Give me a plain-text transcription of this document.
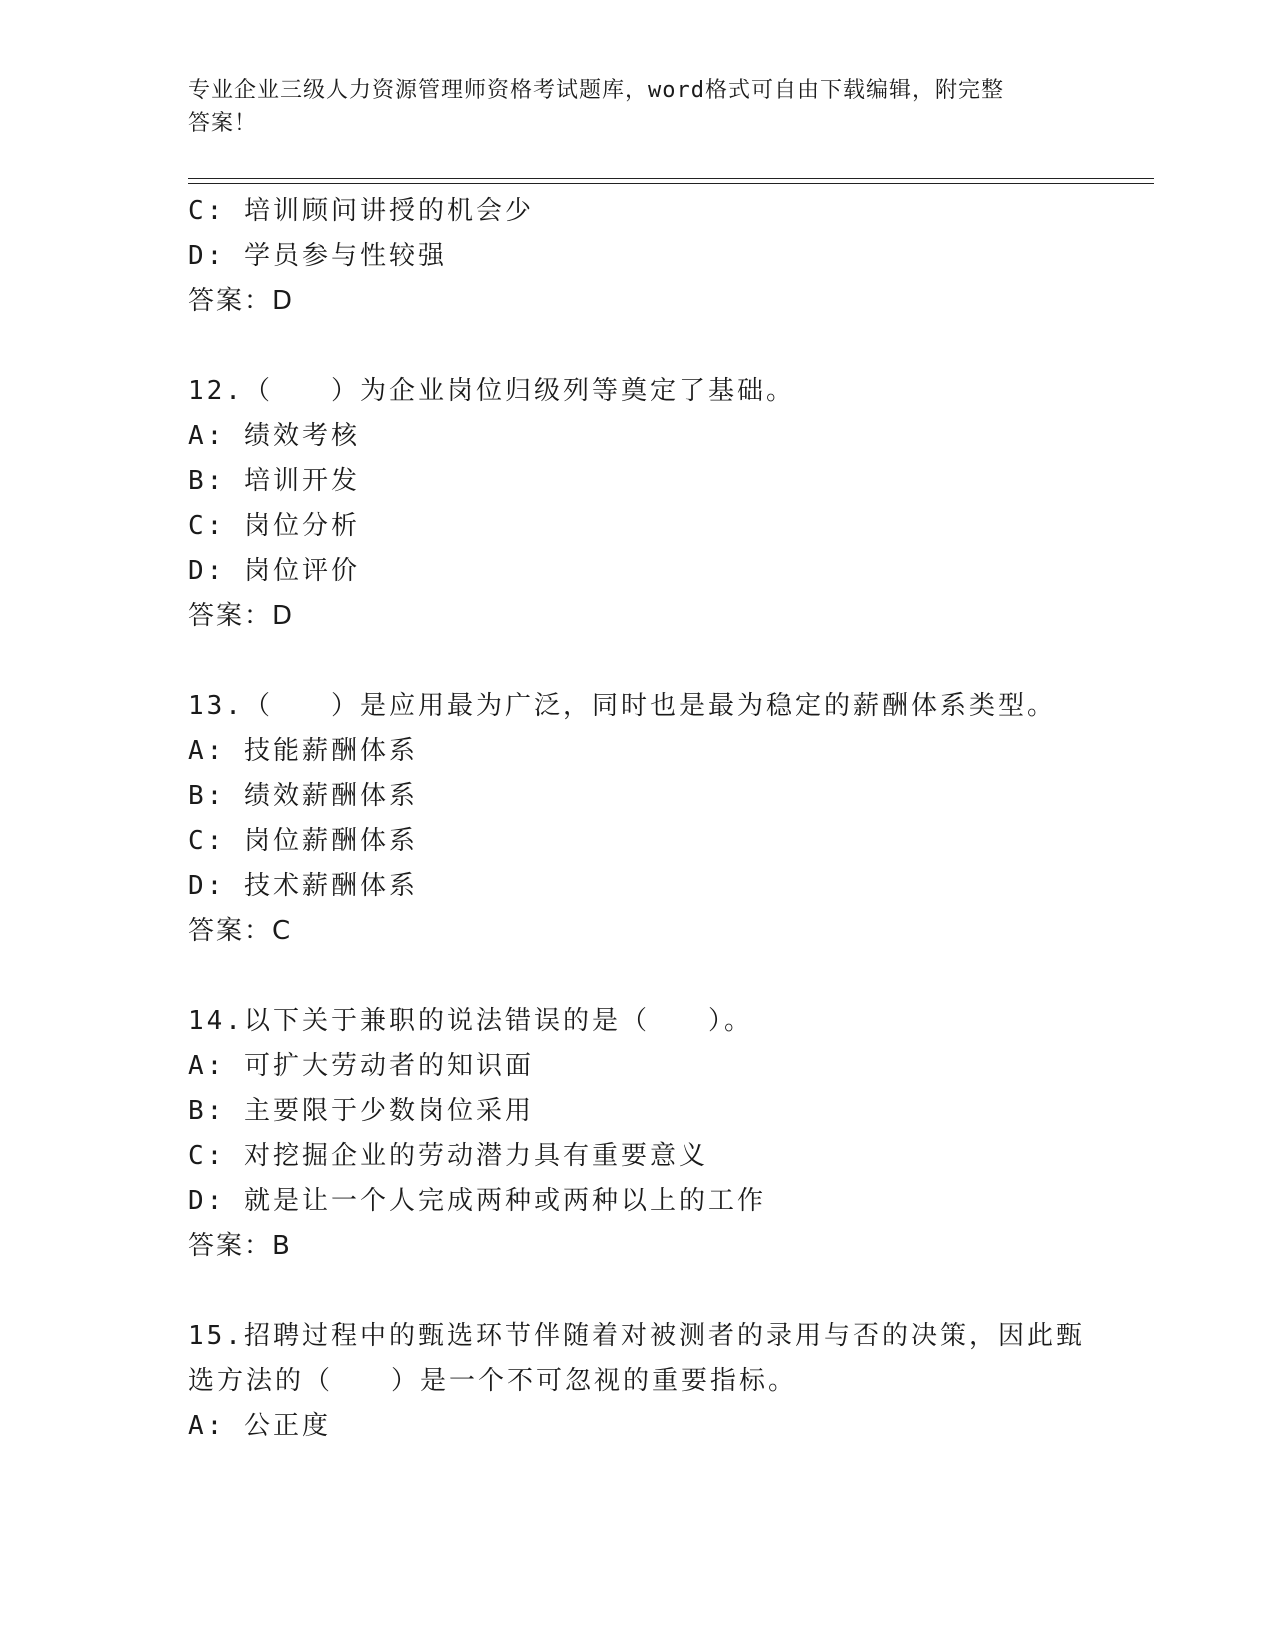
专业企业三级人力资源管理师资格考试题库，word格式可自由下载编辑，附完整
答案！
C: 培训顾问讲授的机会少
D: 学员参与性较强
答案：D
12.（　　）为企业岗位归级列等奠定了基础。
A: 绩效考核
B: 培训开发
C: 岗位分析
D: 岗位评价
答案：D
13.（　　）是应用最为广泛，同时也是最为稳定的薪酬体系类型。
A: 技能薪酬体系
B: 绩效薪酬体系
C: 岗位薪酬体系
D: 技术薪酬体系
答案：C
14.以下关于兼职的说法错误的是（　　）。
A: 可扩大劳动者的知识面
B: 主要限于少数岗位采用
C: 对挖掘企业的劳动潜力具有重要意义
D: 就是让一个人完成两种或两种以上的工作
答案：B
15.招聘过程中的甄选环节伴随着对被测者的录用与否的决策，因此甄
选方法的（　　）是一个不可忽视的重要指标。
A: 公正度
